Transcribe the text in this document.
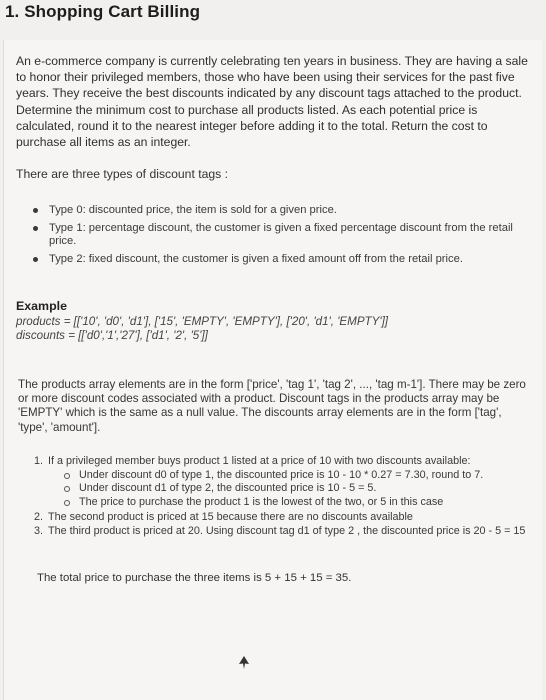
1. Shopping Cart Billing

An e-commerce company is currently celebrating ten years in business. They are having a sale to honor their privileged members, those who have been using their services for the past five years. They receive the best discounts indicated by any discount tags attached to the product. Determine the minimum cost to purchase all products listed. As each potential price is calculated, round it to the nearest integer before adding it to the total. Return the cost to purchase all items as an integer.

There are three types of discount tags :

Type 0: discounted price, the item is sold for a given price.
Type 1: percentage discount, the customer is given a fixed percentage discount from the retail price.
Type 2: fixed discount, the customer is given a fixed amount off from the retail price.

Example

products = [['10', 'd0', 'd1'], ['15', 'EMPTY', 'EMPTY'], ['20', 'd1', 'EMPTY']]

discounts = [['d0','1','27'], ['d1', '2', '5']]

The products array elements are in the form ['price', 'tag 1', 'tag 2', ..., 'tag m-1']. There may be zero or more discount codes associated with a product. Discount tags in the products array may be 'EMPTY' which is the same as a null value. The discounts array elements are in the form ['tag', 'type', 'amount'].

1. If a privileged member buys product 1 listed at a price of 10 with two discounts available:
Under discount d0 of type 1, the discounted price is 10 - 10 * 0.27 = 7.30, round to 7.
Under discount d1 of type 2, the discounted price is 10 - 5 = 5.
The price to purchase the product 1 is the lowest of the two, or 5 in this case
2. The second product is priced at 15 because there are no discounts available
3. The third product is priced at 20. Using discount tag d1 of type 2 , the discounted price is 20 - 5 = 15

The total price to purchase the three items is 5 + 15 + 15 = 35.
